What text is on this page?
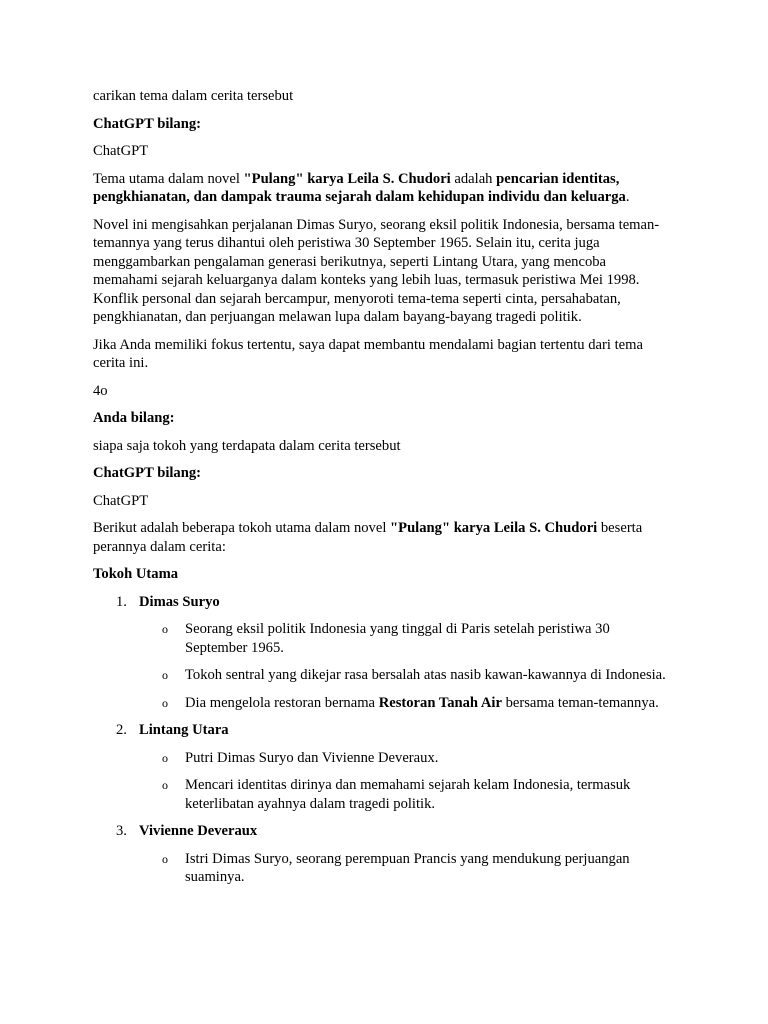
carikan tema dalam cerita tersebut

ChatGPT bilang:

ChatGPT

Tema utama dalam novel "Pulang" karya Leila S. Chudori adalah pencarian identitas, pengkhianatan, dan dampak trauma sejarah dalam kehidupan individu dan keluarga.

Novel ini mengisahkan perjalanan Dimas Suryo, seorang eksil politik Indonesia, bersama teman-temannya yang terus dihantui oleh peristiwa 30 September 1965. Selain itu, cerita juga menggambarkan pengalaman generasi berikutnya, seperti Lintang Utara, yang mencoba memahami sejarah keluarganya dalam konteks yang lebih luas, termasuk peristiwa Mei 1998. Konflik personal dan sejarah bercampur, menyoroti tema-tema seperti cinta, persahabatan, pengkhianatan, dan perjuangan melawan lupa dalam bayang-bayang tragedi politik.

Jika Anda memiliki fokus tertentu, saya dapat membantu mendalami bagian tertentu dari tema cerita ini.

4o

Anda bilang:

siapa saja tokoh yang terdapata dalam cerita tersebut

ChatGPT bilang:

ChatGPT

Berikut adalah beberapa tokoh utama dalam novel "Pulang" karya Leila S. Chudori beserta perannya dalam cerita:

Tokoh Utama

1. Dimas Suryo
o Seorang eksil politik Indonesia yang tinggal di Paris setelah peristiwa 30 September 1965.
o Tokoh sentral yang dikejar rasa bersalah atas nasib kawan-kawannya di Indonesia.
o Dia mengelola restoran bernama Restoran Tanah Air bersama teman-temannya.
2. Lintang Utara
o Putri Dimas Suryo dan Vivienne Deveraux.
o Mencari identitas dirinya dan memahami sejarah kelam Indonesia, termasuk keterlibatan ayahnya dalam tragedi politik.
3. Vivienne Deveraux
o Istri Dimas Suryo, seorang perempuan Prancis yang mendukung perjuangan suaminya.
